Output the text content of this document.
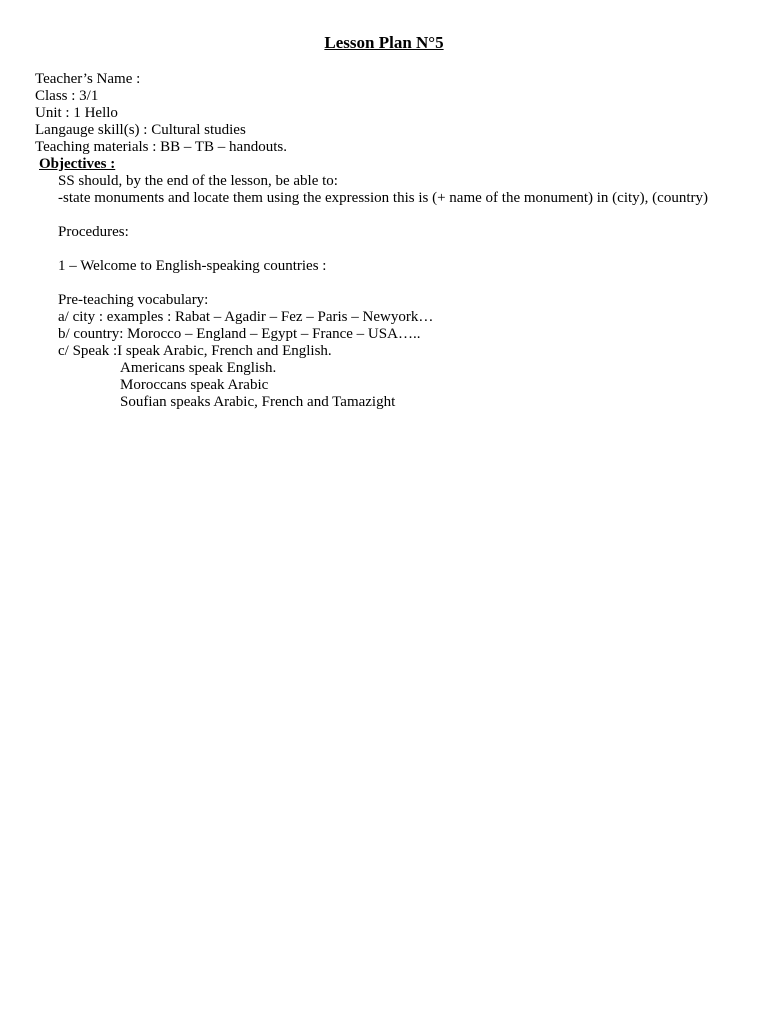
Lesson Plan N°5
Teacher’s Name :
Class : 3/1
Unit : 1 Hello
Langauge skill(s) : Cultural studies
Teaching materials : BB – TB – handouts.
Objectives :
SS should, by the end of the lesson, be able to:
-state monuments and locate them using the expression this is (+ name of the monument) in (city), (country)
Procedures:
1 – Welcome to English-speaking countries :
Pre-teaching vocabulary:
a/ city : examples : Rabat – Agadir – Fez – Paris – Newyork…
b/ country: Morocco – England – Egypt – France – USA…..
c/ Speak :I speak Arabic, French and English.
Americans speak English.
Moroccans speak Arabic
Soufian speaks Arabic, French and Tamazight
